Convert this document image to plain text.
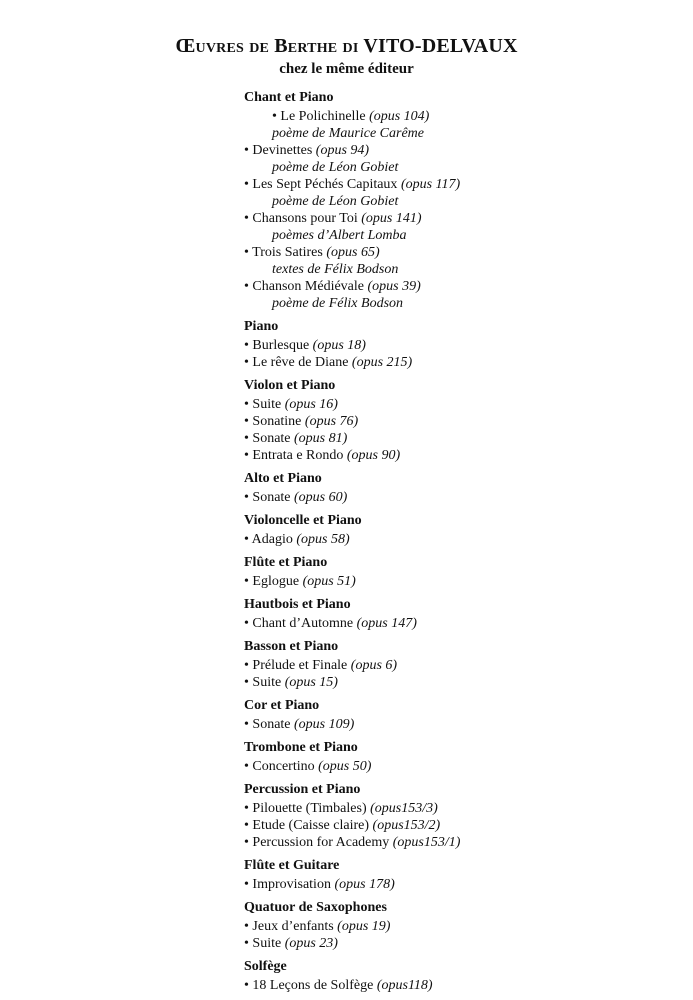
Œuvres de Berthe di VITO-DELVAUX
chez le même éditeur
Chant et Piano
• Le Polichinelle (opus 104)
poème de Maurice Carême
• Devinettes (opus 94)
poème de Léon Gobiet
• Les Sept Péchés Capitaux (opus 117)
poème de Léon Gobiet
• Chansons pour Toi (opus 141)
poèmes d’Albert Lomba
• Trois Satires (opus 65)
textes de Félix Bodson
• Chanson Médiévale (opus 39)
poème de Félix Bodson
Piano
• Burlesque (opus 18)
• Le rêve de Diane (opus 215)
Violon et Piano
• Suite (opus 16)
• Sonatine (opus 76)
• Sonate (opus 81)
• Entrata e Rondo (opus 90)
Alto et Piano
• Sonate (opus 60)
Violoncelle et Piano
• Adagio (opus 58)
Flûte et Piano
• Eglogue (opus 51)
Hautbois et Piano
• Chant d’Automne (opus 147)
Basson et Piano
• Prélude et Finale (opus 6)
• Suite (opus 15)
Cor et Piano
• Sonate (opus 109)
Trombone et Piano
• Concertino (opus 50)
Percussion et Piano
• Pilouette (Timbales) (opus153/3)
• Etude (Caisse claire) (opus153/2)
• Percussion for Academy (opus153/1)
Flûte et Guitare
• Improvisation (opus 178)
Quatuor de Saxophones
• Jeux d’enfants (opus 19)
• Suite (opus 23)
Solfège
• 18 Leçons de Solfège (opus118)
